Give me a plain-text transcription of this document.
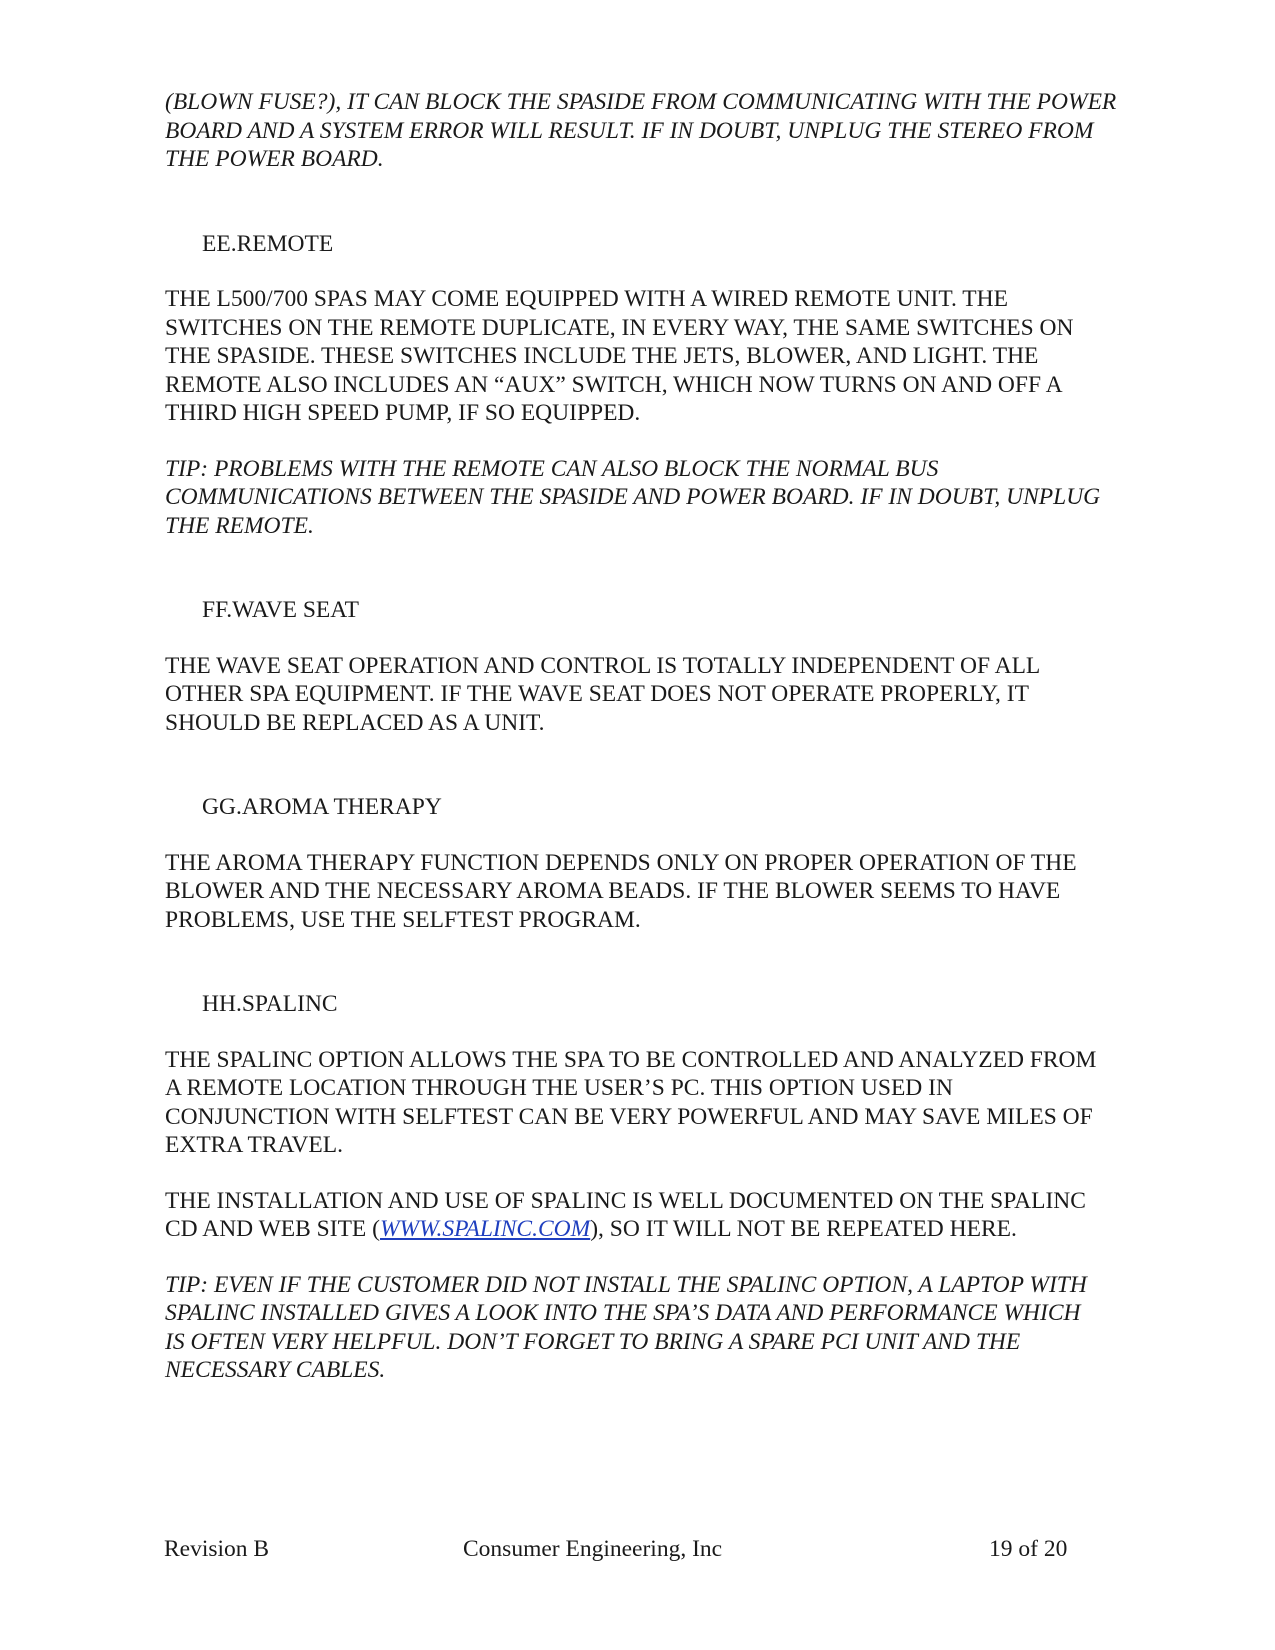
(BLOWN FUSE?), IT CAN BLOCK THE SPASIDE FROM COMMUNICATING WITH THE POWER
BOARD AND A SYSTEM ERROR WILL RESULT. IF IN DOUBT, UNPLUG THE STEREO FROM
THE POWER BOARD.

EE.REMOTE

THE L500/700 SPAS MAY COME EQUIPPED WITH A WIRED REMOTE UNIT. THE
SWITCHES ON THE REMOTE DUPLICATE, IN EVERY WAY, THE SAME SWITCHES ON
THE SPASIDE. THESE SWITCHES INCLUDE THE JETS, BLOWER, AND LIGHT. THE
REMOTE ALSO INCLUDES AN “AUX” SWITCH, WHICH NOW TURNS ON AND OFF A
THIRD HIGH SPEED PUMP, IF SO EQUIPPED.

TIP: PROBLEMS WITH THE REMOTE CAN ALSO BLOCK THE NORMAL BUS
COMMUNICATIONS BETWEEN THE SPASIDE AND POWER BOARD. IF IN DOUBT, UNPLUG
THE REMOTE.

FF.WAVE SEAT

THE WAVE SEAT OPERATION AND CONTROL IS TOTALLY INDEPENDENT OF ALL
OTHER SPA EQUIPMENT. IF THE WAVE SEAT DOES NOT OPERATE PROPERLY, IT
SHOULD BE REPLACED AS A UNIT.

GG.AROMA THERAPY

THE AROMA THERAPY FUNCTION DEPENDS ONLY ON PROPER OPERATION OF THE
BLOWER AND THE NECESSARY AROMA BEADS. IF THE BLOWER SEEMS TO HAVE
PROBLEMS, USE THE SELFTEST PROGRAM.

HH.SPALINC

THE SPALINC OPTION ALLOWS THE SPA TO BE CONTROLLED AND ANALYZED FROM
A REMOTE LOCATION THROUGH THE USER’S PC. THIS OPTION USED IN
CONJUNCTION WITH SELFTEST CAN BE VERY POWERFUL AND MAY SAVE MILES OF
EXTRA TRAVEL.

THE INSTALLATION AND USE OF SPALINC IS WELL DOCUMENTED ON THE SPALINC
CD AND WEB SITE (WWW.SPALINC.COM), SO IT WILL NOT BE REPEATED HERE.

TIP: EVEN IF THE CUSTOMER DID NOT INSTALL THE SPALINC OPTION, A LAPTOP WITH
SPALINC INSTALLED GIVES A LOOK INTO THE SPA’S DATA AND PERFORMANCE WHICH
IS OFTEN VERY HELPFUL. DON’T FORGET TO BRING A SPARE PCI UNIT AND THE
NECESSARY CABLES.

Revision B	Consumer Engineering, Inc	19 of 20
